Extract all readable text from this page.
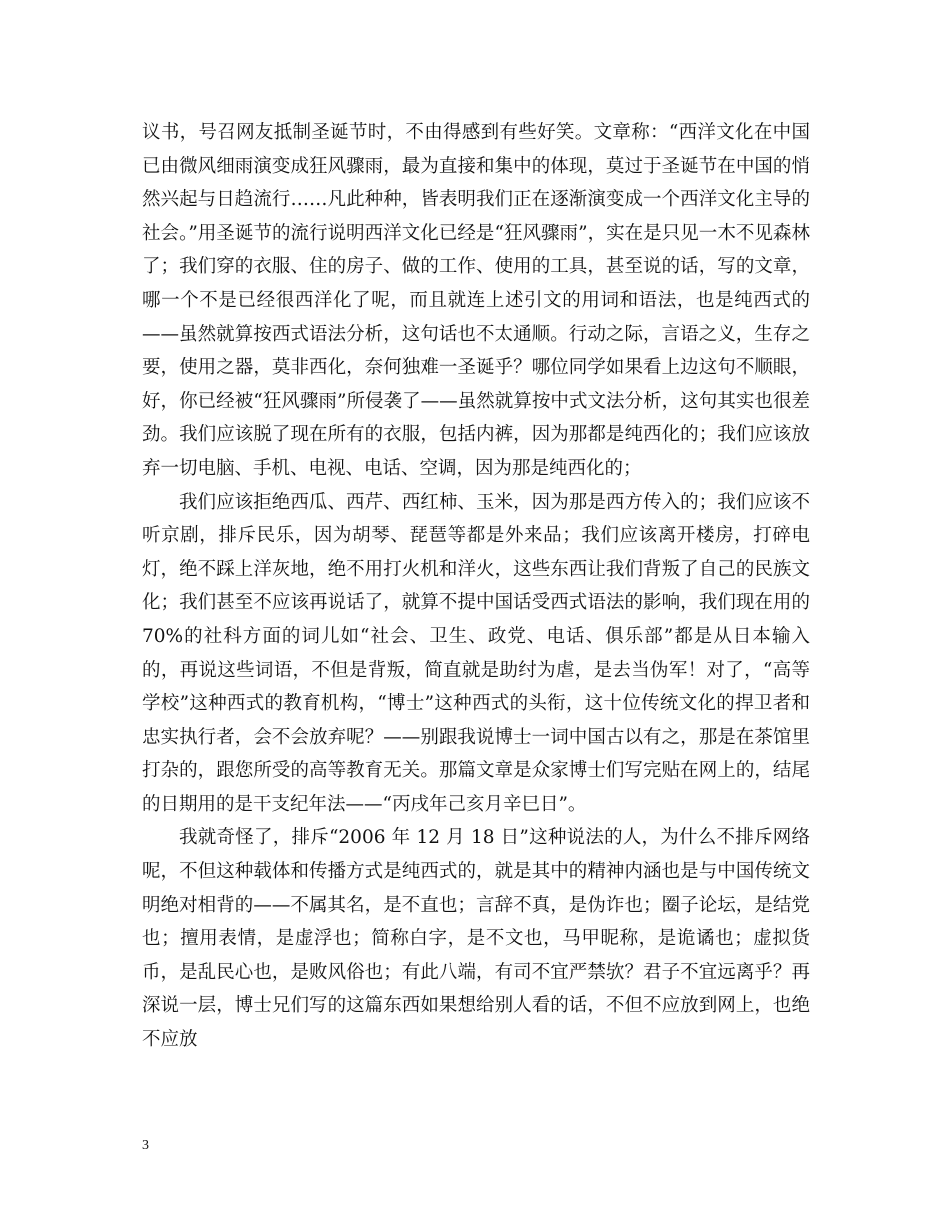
议书，号召网友抵制圣诞节时，不由得感到有些好笑。文章称：“西洋文化在中国已由微风细雨演变成狂风骤雨，最为直接和集中的体现，莫过于圣诞节在中国的悄然兴起与日趋流行……凡此种种，皆表明我们正在逐渐演变成一个西洋文化主导的社会。”用圣诞节的流行说明西洋文化已经是“狂风骤雨”，实在是只见一木不见森林了；我们穿的衣服、住的房子、做的工作、使用的工具，甚至说的话，写的文章，哪一个不是已经很西洋化了呢，而且就连上述引文的用词和语法，也是纯西式的——虽然就算按西式语法分析，这句话也不太通顺。行动之际，言语之义，生存之要，使用之器，莫非西化，奈何独难一圣诞乎？哪位同学如果看上边这句不顺眼，好，你已经被“狂风骤雨”所侵袭了——虽然就算按中式文法分析，这句其实也很差劲。我们应该脱了现在所有的衣服，包括内裤，因为那都是纯西化的；我们应该放弃一切电脑、手机、电视、电话、空调，因为那是纯西化的；

我们应该拒绝西瓜、西芹、西红柿、玉米，因为那是西方传入的；我们应该不听京剧，排斥民乐，因为胡琴、琵琶等都是外来品；我们应该离开楼房，打碎电灯，绝不踩上洋灰地，绝不用打火机和洋火，这些东西让我们背叛了自己的民族文化；我们甚至不应该再说话了，就算不提中国话受西式语法的影响，我们现在用的 70%的社科方面的词儿如“社会、卫生、政党、电话、俱乐部”都是从日本输入的，再说这些词语，不但是背叛，简直就是助纣为虐，是去当伪军！对了，“高等学校”这种西式的教育机构，“博士”这种西式的头衔，这十位传统文化的捍卫者和忠实执行者，会不会放弃呢？——别跟我说博士一词中国古以有之，那是在茶馆里打杂的，跟您所受的高等教育无关。那篇文章是众家博士们写完贴在网上的，结尾的日期用的是干支纪年法——“丙戌年己亥月辛巳日”。

我就奇怪了，排斥“2006 年 12 月 18 日”这种说法的人，为什么不排斥网络呢，不但这种载体和传播方式是纯西式的，就是其中的精神内涵也是与中国传统文明绝对相背的——不属其名，是不直也；言辞不真，是伪诈也；圈子论坛，是结党也；擅用表情，是虚浮也；简称白字，是不文也，马甲昵称，是诡谲也；虚拟货币，是乱民心也，是败风俗也；有此八端，有司不宜严禁欤？君子不宜远离乎？再深说一层，博士兄们写的这篇东西如果想给别人看的话，不但不应放到网上，也绝不应放

3
